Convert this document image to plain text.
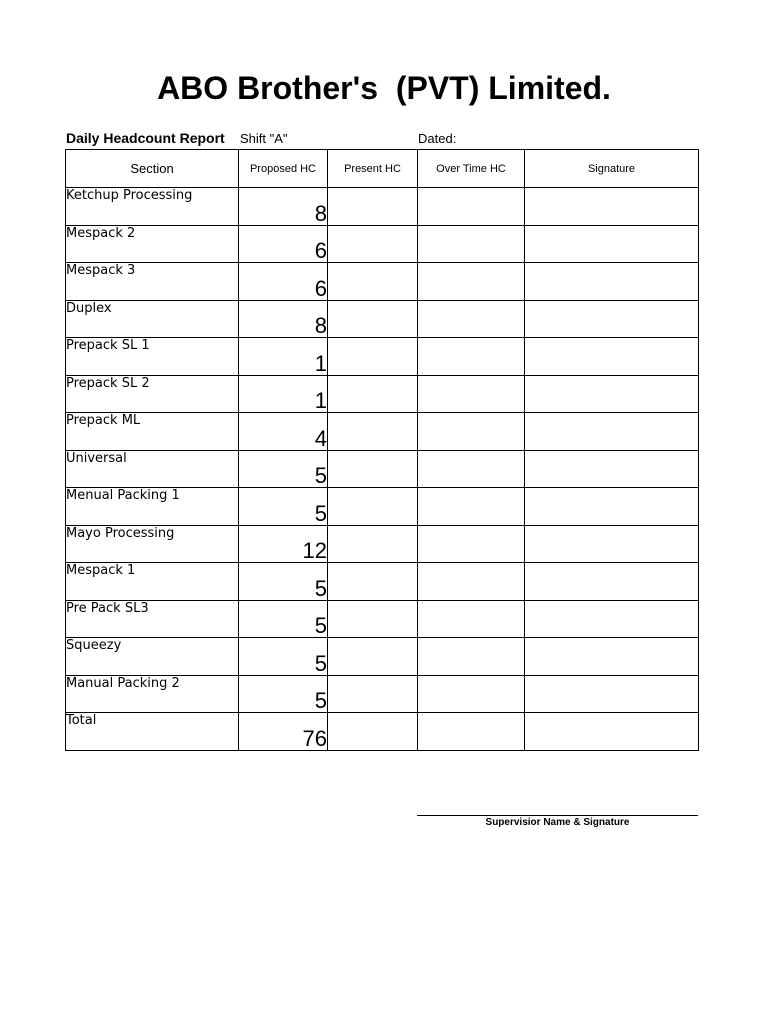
ABO Brother's  (PVT) Limited.
Daily Headcount Report Shift "A"	Dated:
Section	Proposed HC	Present HC	Over Time HC	Signature
Ketchup Processing	8			
Mespack 2	6			
Mespack 3	6			
Duplex	8			
Prepack SL 1	1			
Prepack SL 2	1			
Prepack ML	4			
Universal	5			
Menual Packing 1	5			
Mayo Processing	12			
Mespack 1	5			
Pre Pack SL3	5			
Squeezy	5			
Manual Packing 2	5			
Total	76			
Supervisior Name & Signature
